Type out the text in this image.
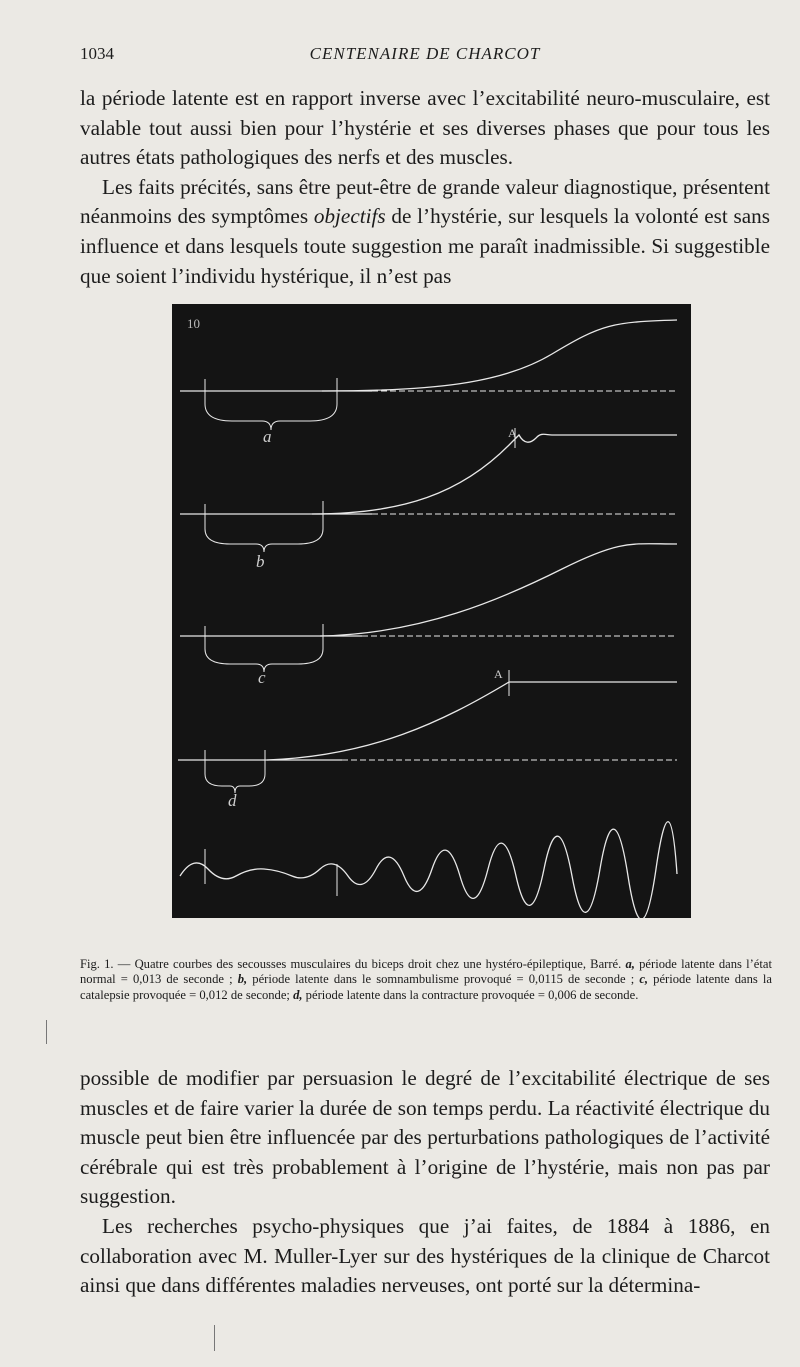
1034	CENTENAIRE DE CHARCOT

la période latente est en rapport inverse avec l’excitabilité neuro-musculaire, est valable tout aussi bien pour l’hystérie et ses diverses phases que pour tous les autres états pathologiques des nerfs et des muscles.

Les faits précités, sans être peut-être de grande valeur diagnostique, présentent néanmoins des symptômes objectifs de l’hystérie, sur lesquels la volonté est sans influence et dans lesquels toute suggestion me paraît inadmissible. Si suggestible que soient l’individu hystérique, il n’est pas

10
a	A
b
c	A
d
Fig. 1. — Quatre courbes des secousses musculaires du biceps droit chez une hystéro-épileptique, Barré. a, période latente dans l’état normal = 0,013 de seconde ; b, période latente dans le somnambulisme provoqué = 0,0115 de seconde ; c, période latente dans la catalepsie provoquée = 0,012 de seconde; d, période latente dans la contracture provoquée = 0,006 de seconde.

possible de modifier par persuasion le degré de l’excitabilité électrique de ses muscles et de faire varier la durée de son temps perdu. La réactivité électrique du muscle peut bien être influencée par des perturbations pathologiques de l’activité cérébrale qui est très probablement à l’origine de l’hystérie, mais non pas par suggestion.

Les recherches psycho-physiques que j’ai faites, de 1884 à 1886, en collaboration avec M. Muller-Lyer sur des hystériques de la clinique de Charcot ainsi que dans différentes maladies nerveuses, ont porté sur la détermina-
